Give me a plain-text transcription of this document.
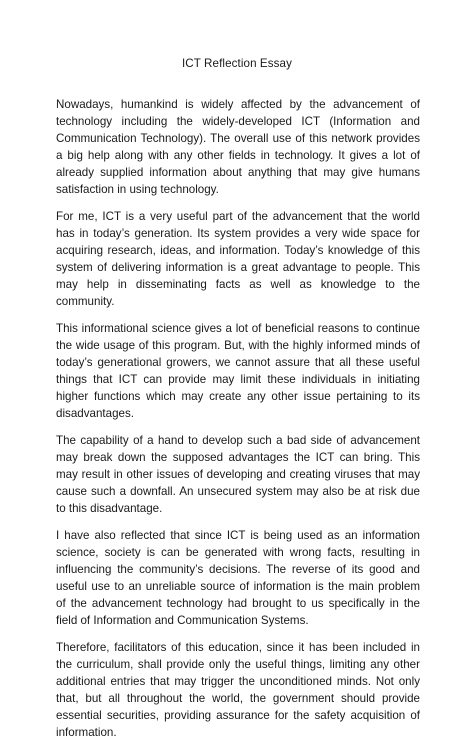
ICT Reflection Essay

Nowadays, humankind is widely affected by the advancement of technology including the widely-developed ICT (Information and Communication Technology). The overall use of this network provides a big help along with any other fields in technology. It gives a lot of already supplied information about anything that may give humans satisfaction in using technology.

For me, ICT is a very useful part of the advancement that the world has in today’s generation. Its system provides a very wide space for acquiring research, ideas, and information. Today’s knowledge of this system of delivering information is a great advantage to people. This may help in disseminating facts as well as knowledge to the community.

This informational science gives a lot of beneficial reasons to continue the wide usage of this program. But, with the highly informed minds of today’s generational growers, we cannot assure that all these useful things that ICT can provide may limit these individuals in initiating higher functions which may create any other issue pertaining to its disadvantages.

The capability of a hand to develop such a bad side of advancement may break down the supposed advantages the ICT can bring. This may result in other issues of developing and creating viruses that may cause such a downfall. An unsecured system may also be at risk due to this disadvantage.

I have also reflected that since ICT is being used as an information science, society is can be generated with wrong facts, resulting in influencing the community’s decisions. The reverse of its good and useful use to an unreliable source of information is the main problem of the advancement technology had brought to us specifically in the field of Information and Communication Systems.

Therefore, facilitators of this education, since it has been included in the curriculum, shall provide only the useful things, limiting any other additional entries that may trigger the unconditioned minds. Not only that, but all throughout the world, the government should provide essential securities, providing assurance for the safety acquisition of information.
